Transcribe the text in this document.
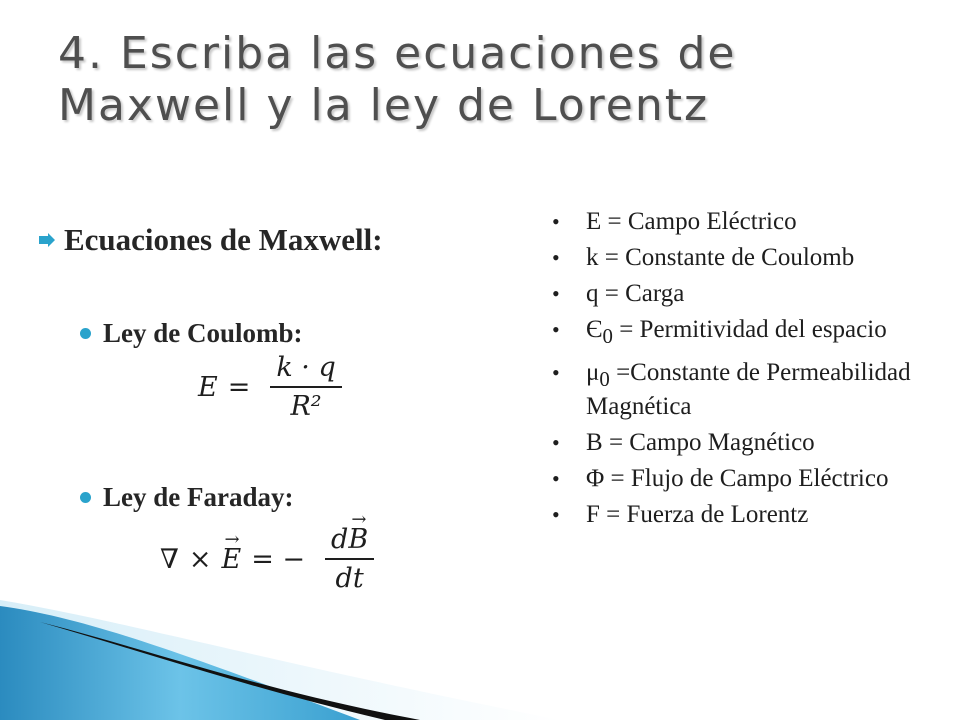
4. Escriba las ecuaciones de Maxwell y la ley de Lorentz
Ecuaciones de Maxwell:
Ley de Coulomb:
$E = \frac{k \cdot q}{\text{R²}}$
Ley de Faraday:
∇ ×
→ E = − $\frac{d\to B}{dt}$
• E = Campo Eléctrico
• k = Constante de Coulomb
• q = Carga
• $Є_0$ = Permitividad del espacio
• $\mu_0$ =Constante de Permeabilidad Magnética
• B = Campo Magnético
• Φ = Flujo de Campo Eléctrico
• F = Fuerza de Lorentz
